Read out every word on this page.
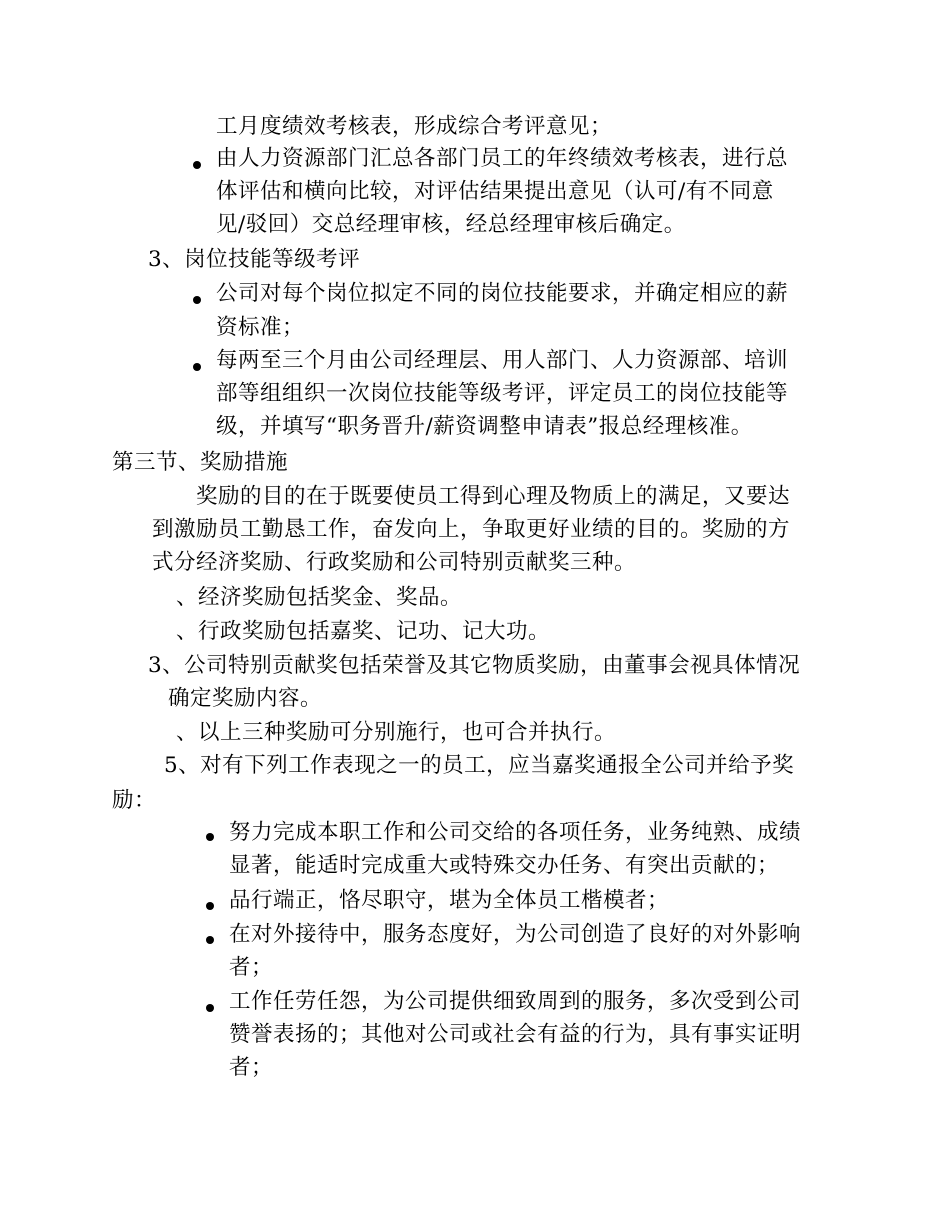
工月度绩效考核表，形成综合考评意见；
由人力资源部门汇总各部门员工的年终绩效考核表，进行总
体评估和横向比较，对评估结果提出意见（认可/有不同意
见/驳回）交总经理审核，经总经理审核后确定。
3、岗位技能等级考评
公司对每个岗位拟定不同的岗位技能要求，并确定相应的薪
资标准；
每两至三个月由公司经理层、用人部门、人力资源部、培训
部等组组织一次岗位技能等级考评，评定员工的岗位技能等
级，并填写“职务晋升/薪资调整申请表”报总经理核准。
第三节、奖励措施
奖励的目的在于既要使员工得到心理及物质上的满足，又要达
到激励员工勤恳工作，奋发向上，争取更好业绩的目的。奖励的方
式分经济奖励、行政奖励和公司特别贡献奖三种。
、经济奖励包括奖金、奖品。
、行政奖励包括嘉奖、记功、记大功。
3、公司特别贡献奖包括荣誉及其它物质奖励，由董事会视具体情况
确定奖励内容。
、以上三种奖励可分别施行，也可合并执行。
5、对有下列工作表现之一的员工，应当嘉奖通报全公司并给予奖
励：
努力完成本职工作和公司交给的各项任务，业务纯熟、成绩
显著，能适时完成重大或特殊交办任务、有突出贡献的；
品行端正，恪尽职守，堪为全体员工楷模者；
在对外接待中，服务态度好，为公司创造了良好的对外影响
者；
工作任劳任怨，为公司提供细致周到的服务，多次受到公司
赞誉表扬的；其他对公司或社会有益的行为，具有事实证明
者；
